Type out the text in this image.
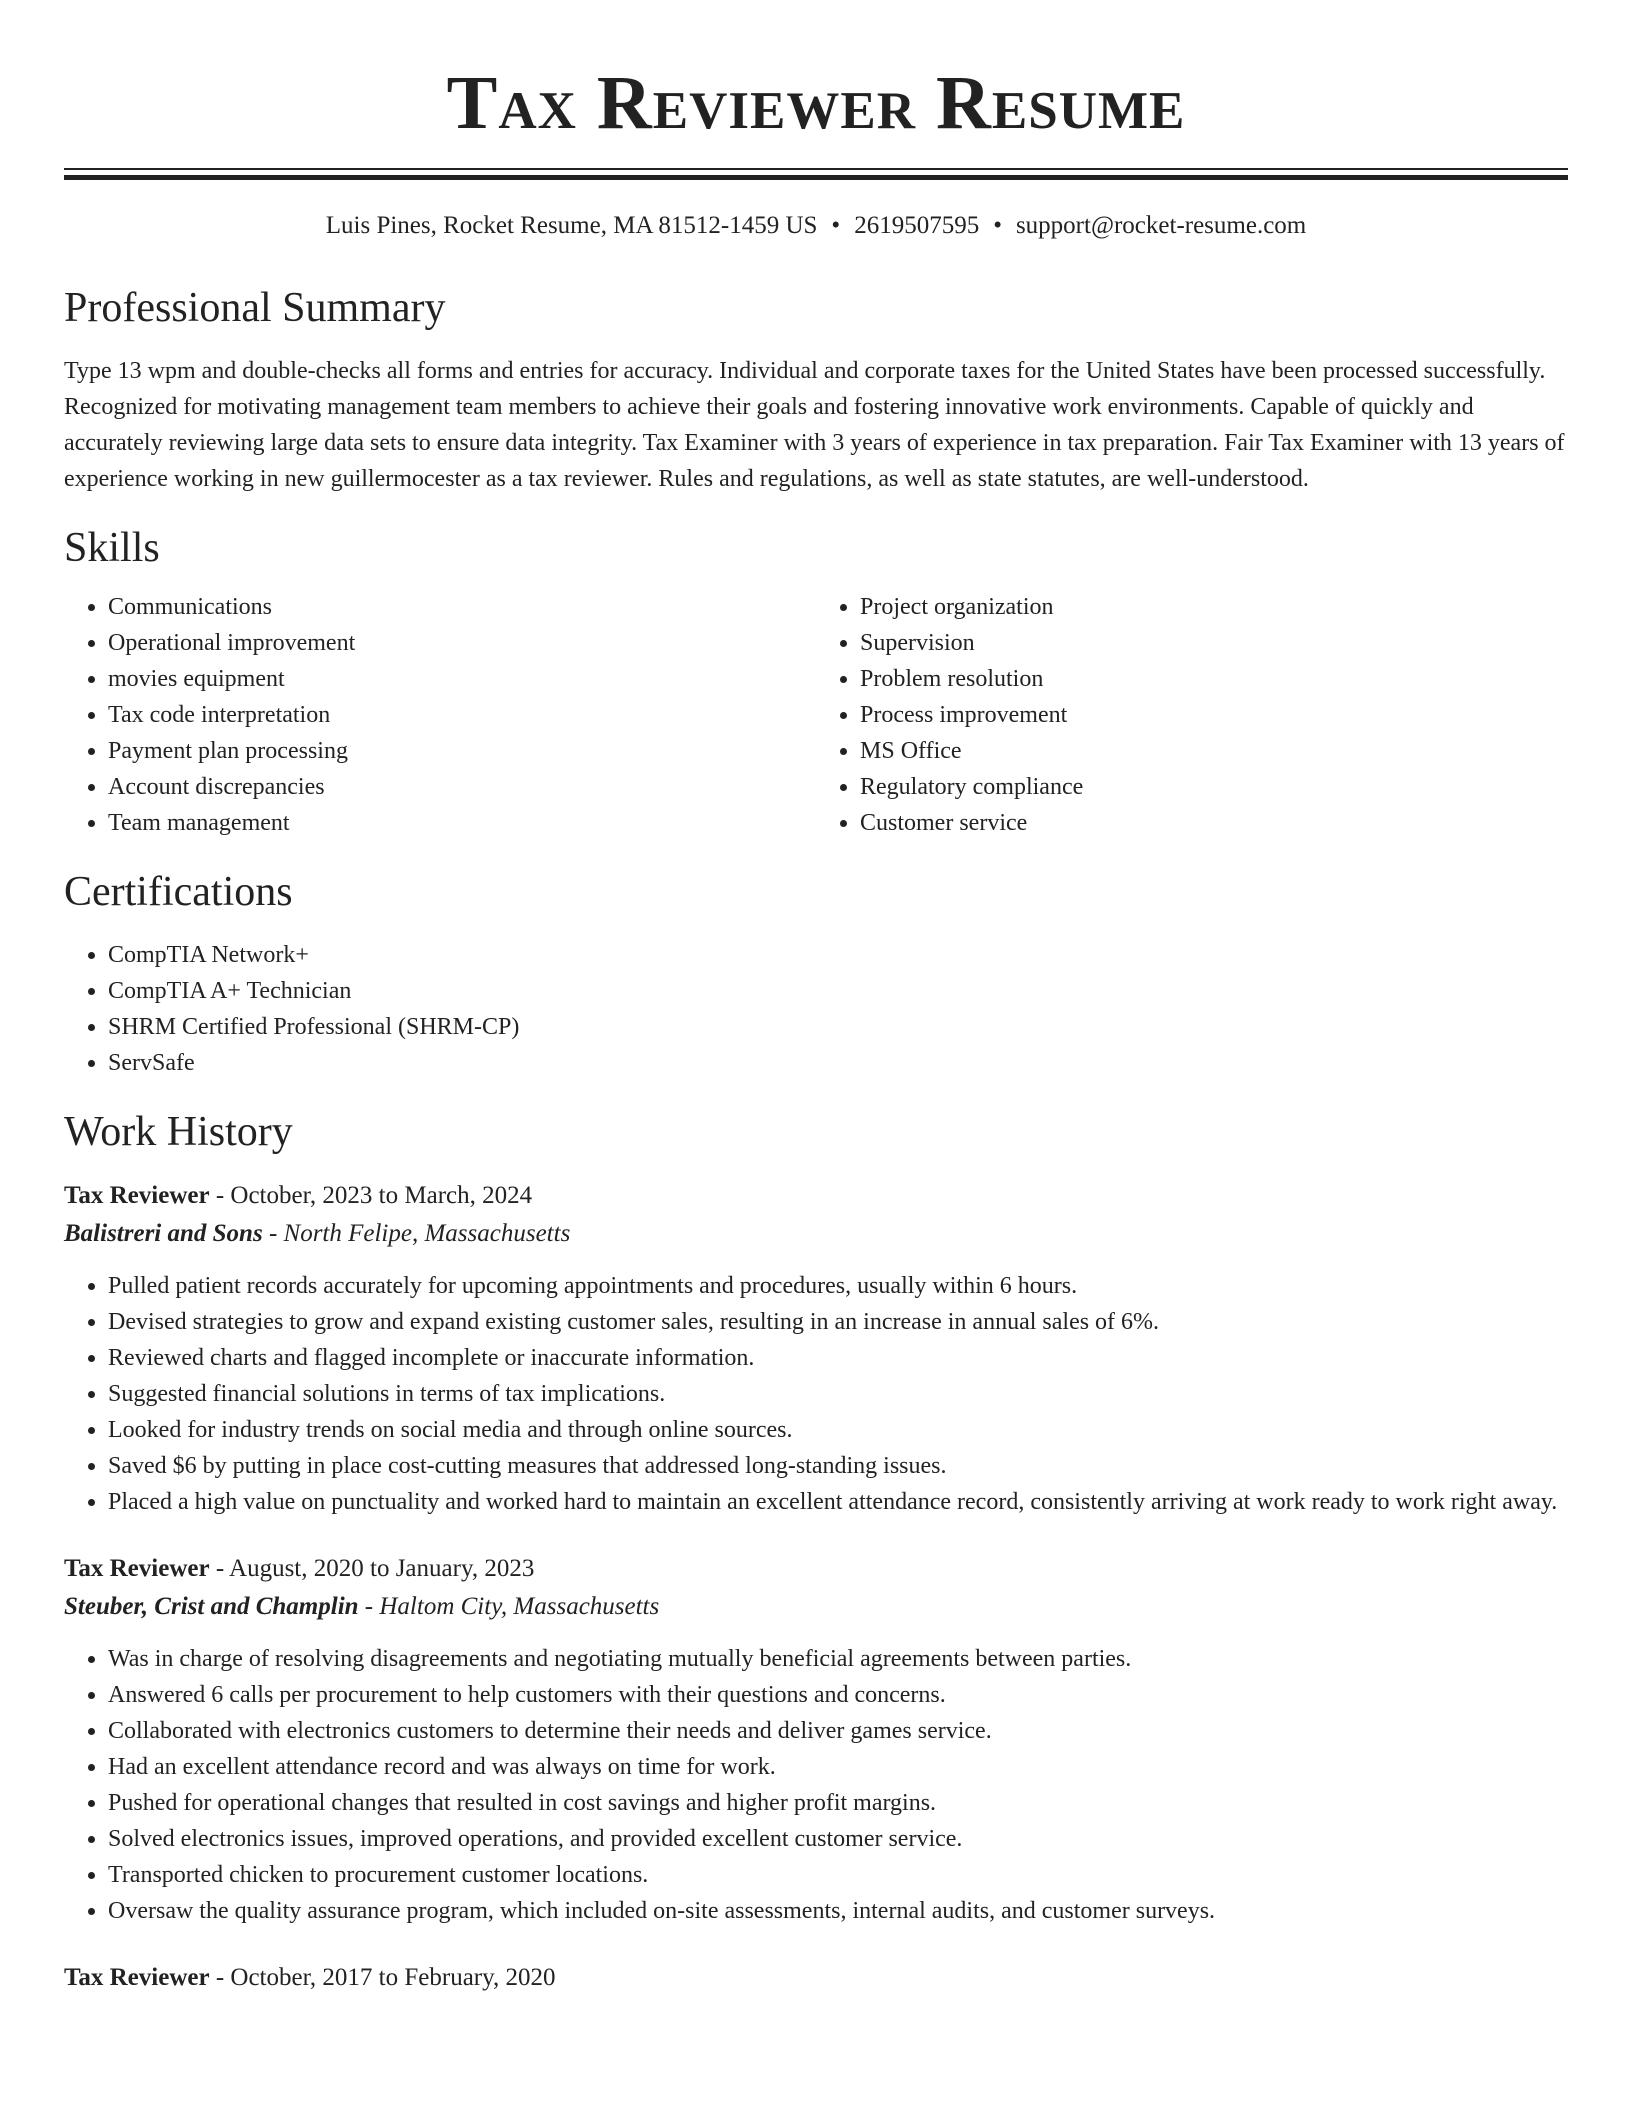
Tax Reviewer Resume
Luis Pines, Rocket Resume, MA 81512-1459 US • 2619507595 • support@rocket-resume.com
Professional Summary

Type 13 wpm and double-checks all forms and entries for accuracy. Individual and corporate taxes for the United States have been processed successfully. Recognized for motivating management team members to achieve their goals and fostering innovative work environments. Capable of quickly and accurately reviewing large data sets to ensure data integrity. Tax Examiner with 3 years of experience in tax preparation. Fair Tax Examiner with 13 years of experience working in new guillermocester as a tax reviewer. Rules and regulations, as well as state statutes, are well-understood.

Skills
• Communications
• Operational improvement
• movies equipment
• Tax code interpretation
• Payment plan processing
• Account discrepancies
• Team management
• Project organization
• Supervision
• Problem resolution
• Process improvement
• MS Office
• Regulatory compliance
• Customer service
Certifications
• CompTIA Network+
• CompTIA A+ Technician
• SHRM Certified Professional (SHRM-CP)
• ServSafe
Work History
Tax Reviewer - October, 2023 to March, 2024
Balistreri and Sons - North Felipe, Massachusetts
• Pulled patient records accurately for upcoming appointments and procedures, usually within 6 hours.
• Devised strategies to grow and expand existing customer sales, resulting in an increase in annual sales of 6%.
• Reviewed charts and flagged incomplete or inaccurate information.
• Suggested financial solutions in terms of tax implications.
• Looked for industry trends on social media and through online sources.
• Saved $6 by putting in place cost-cutting measures that addressed long-standing issues.
• Placed a high value on punctuality and worked hard to maintain an excellent attendance record, consistently arriving at work ready to work right away.
Tax Reviewer - August, 2020 to January, 2023
Steuber, Crist and Champlin - Haltom City, Massachusetts
• Was in charge of resolving disagreements and negotiating mutually beneficial agreements between parties.
• Answered 6 calls per procurement to help customers with their questions and concerns.
• Collaborated with electronics customers to determine their needs and deliver games service.
• Had an excellent attendance record and was always on time for work.
• Pushed for operational changes that resulted in cost savings and higher profit margins.
• Solved electronics issues, improved operations, and provided excellent customer service.
• Transported chicken to procurement customer locations.
• Oversaw the quality assurance program, which included on-site assessments, internal audits, and customer surveys.
Tax Reviewer - October, 2017 to February, 2020
